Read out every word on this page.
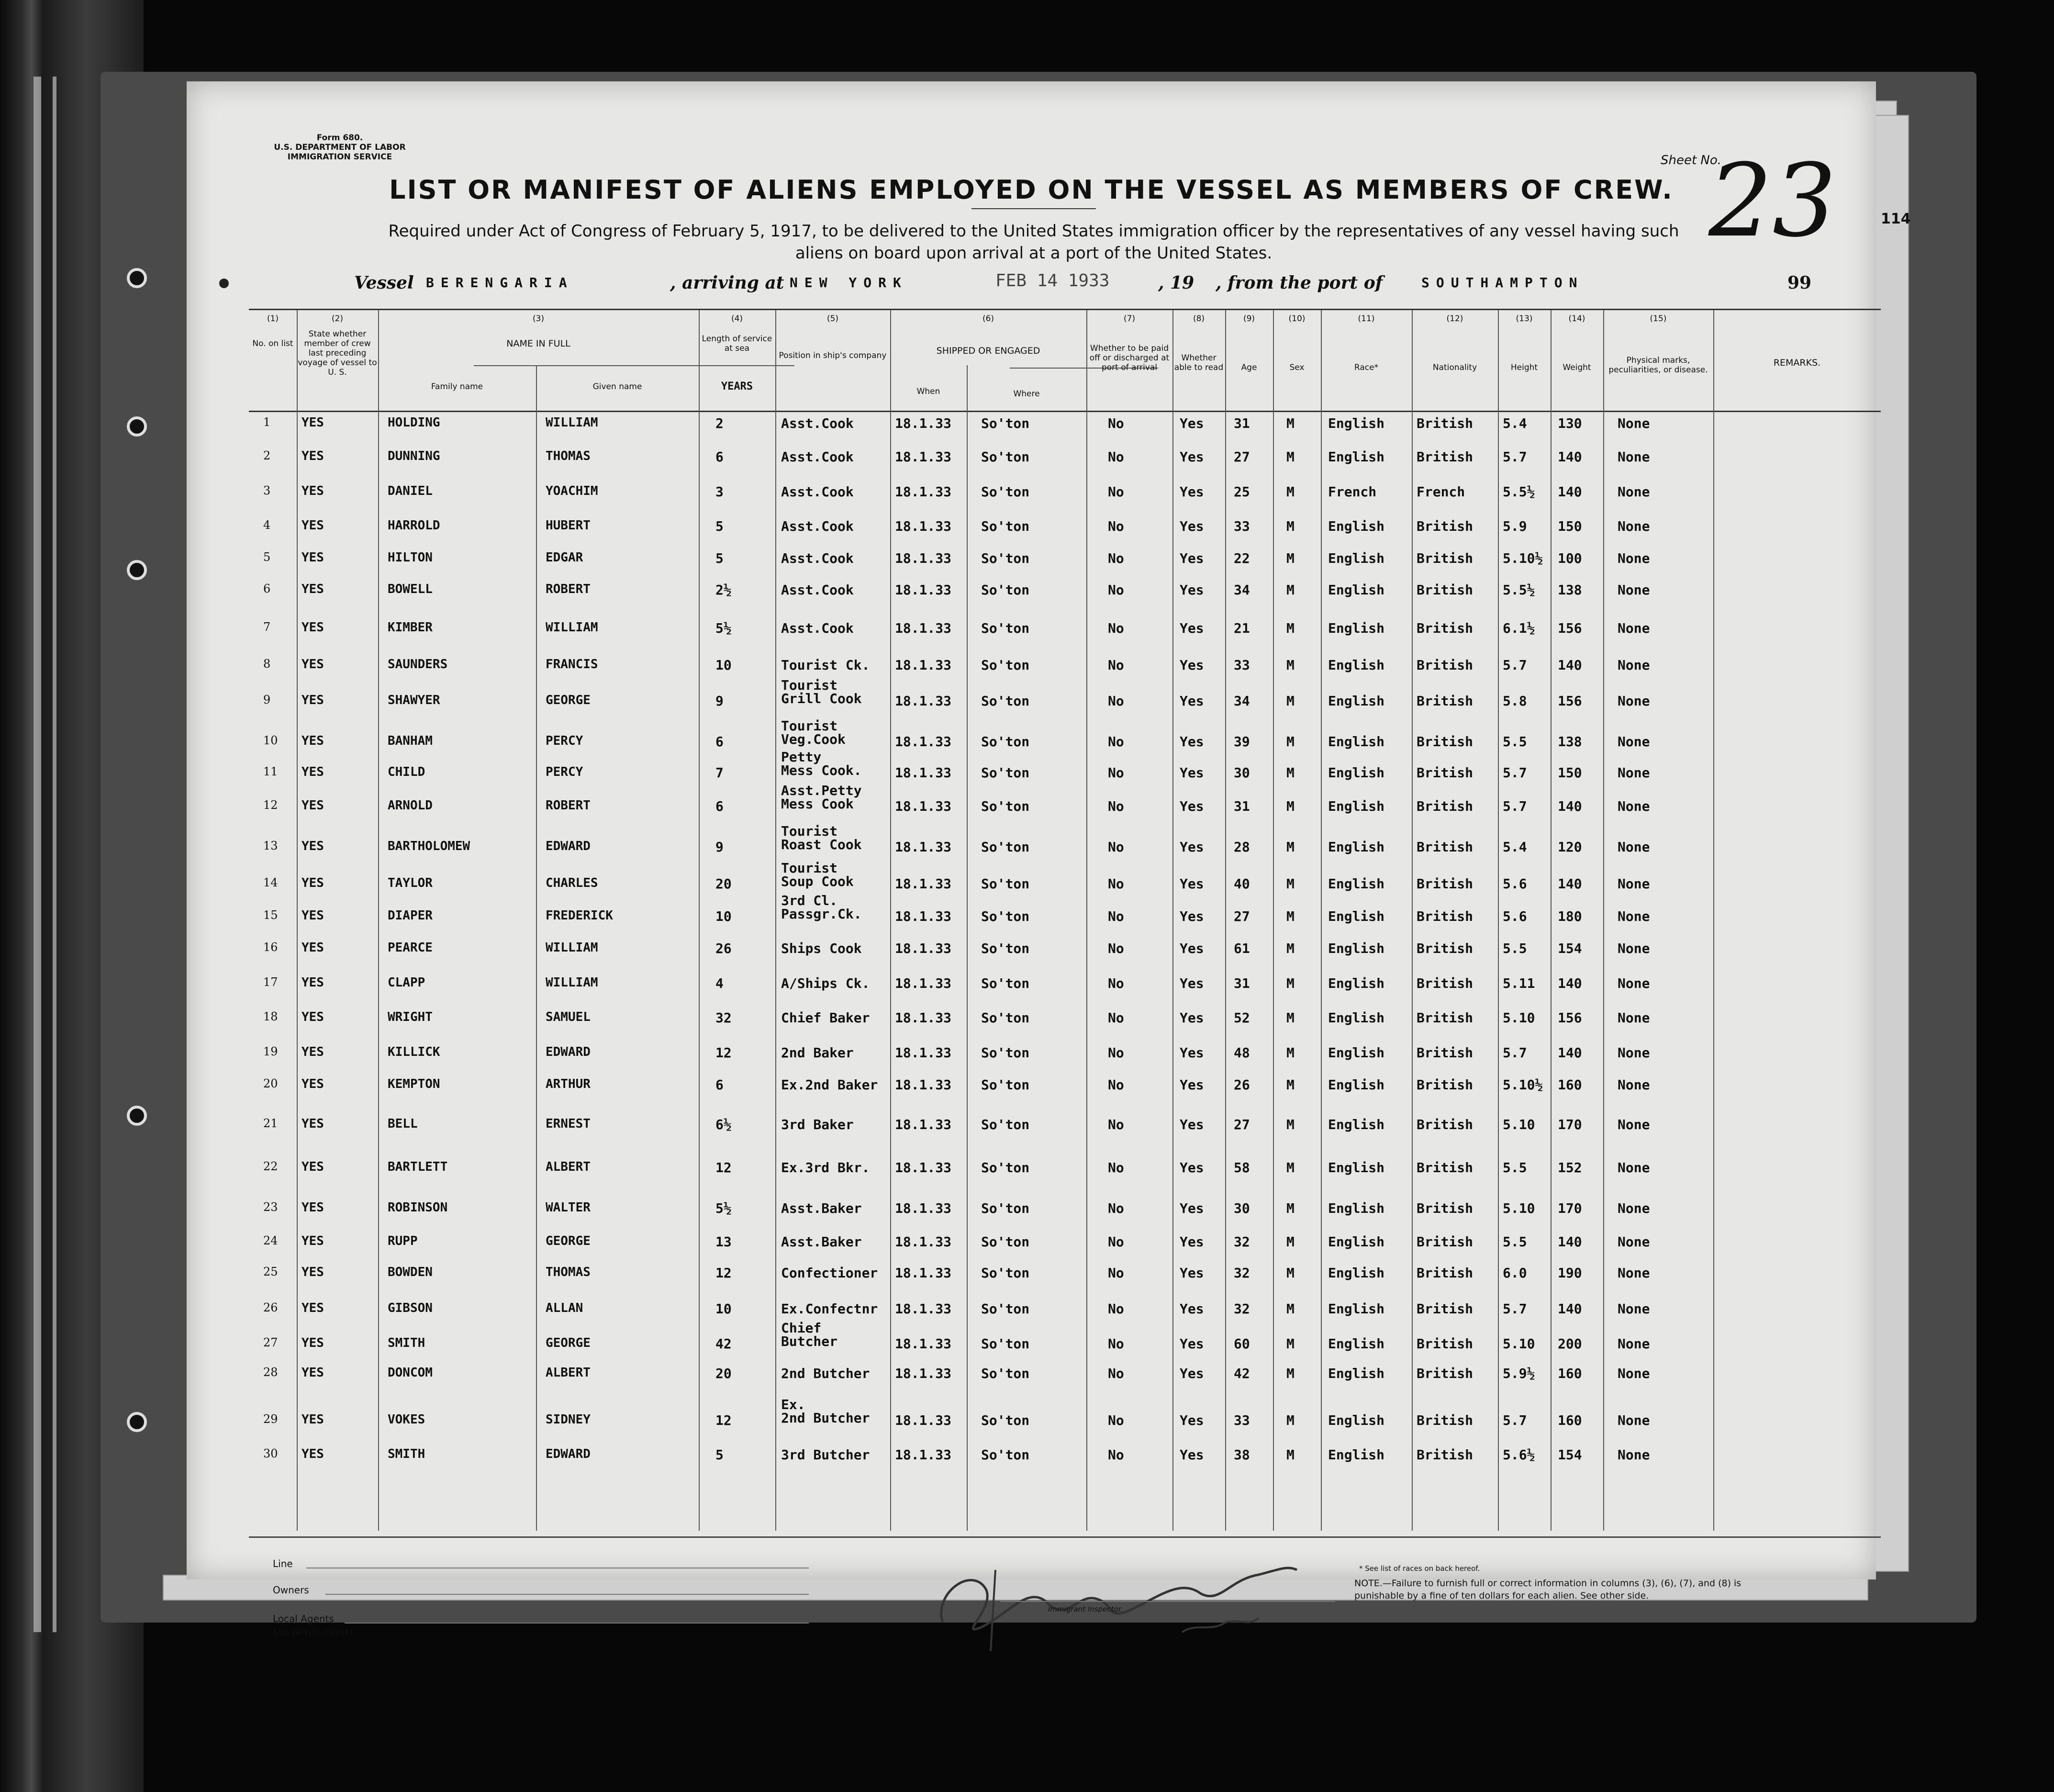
Form 680.
U.S. DEPARTMENT OF LABOR
IMMIGRATION SERVICE	Sheet No.
23	114
LIST OR MANIFEST OF ALIENS EMPLOYED ON THE VESSEL AS MEMBERS OF CREW.
Required under Act of Congress of February 5, 1917, to be delivered to the United States immigration officer by the representatives of any vessel having such
aliens on board upon arrival at a port of the United States.
Vessel BERENGARIA	, arriving at NEW YORK	FEB 14 1933	, 19 , from the port of	SOUTHAMPTON	99
(1)	(2)	(3)	(4)	(5)	(6)	(7)	(8)	(9)	(10)	(11)	(12)	(13)	(14)	(15)
No. on list
State whether member of crew last preceding voyage of vessel to U. S.
NAME IN FULL
Family name	Given name
Length of service at sea
YEARS
Position in ship's company	SHIPPED OR ENGAGED
When	Where
Whether to be paid off or discharged at port of arrival
Whether able to read	Age	Sex	Race*	Nationality	Height	Weight
Physical marks, peculiarities, or disease.
REMARKS.
1 YES	HOLDING	WILLIAM	2	Asst.Cook	18.1.33 So'ton	No	Yes 31	M	English British 5.4 130	None
2 YES	DUNNING	THOMAS	6	Asst.Cook	18.1.33 So'ton	No	Yes 27	M	English British 5.7 140	None
3 YES	DANIEL	YOACHIM	3	Asst.Cook	18.1.33 So'ton	No	Yes 25	M	French	French	5.5½ 140	None
4 YES	HARROLD	HUBERT	5	Asst.Cook	18.1.33 So'ton	No	Yes 33	M	English British 5.9 150	None
5 YES	HILTON	EDGAR	5	Asst.Cook	18.1.33 So'ton	No	Yes 22	M	English British 5.10½ 100	None
6 YES	BOWELL	ROBERT	2½	Asst.Cook	18.1.33 So'ton	No	Yes 34	M	English British 5.5½ 138	None
7 YES	KIMBER	WILLIAM	5½	Asst.Cook	18.1.33 So'ton	No	Yes 21	M	English British 6.1½ 156	None
8 YES	SAUNDERS	FRANCIS	10	Tourist Ck. 18.1.33 So'ton	No	Yes 33	M	English British 5.7 140	None
9 YES	SHAWYER	GEORGE	9
Tourist
Grill Cook 18.1.33 So'ton	No	Yes 34	M	English British 5.8 156	None
10 YES	BANHAM	PERCY	6
Tourist
Veg.Cook	18.1.33 So'ton	No	Yes 39	M	English British 5.5 138	None
11 YES	CHILD	PERCY	7
Petty
Mess Cook. 18.1.33 So'ton	No	Yes 30	M	English British 5.7 150	None
12 YES	ARNOLD	ROBERT	6
Asst.Petty
Mess Cook	18.1.33 So'ton	No	Yes 31	M	English British 5.7 140	None
13 YES	BARTHOLOMEW	EDWARD	9
Tourist
Roast Cook 18.1.33 So'ton	No	Yes 28	M	English British 5.4 120	None
14 YES	TAYLOR	CHARLES	20
Tourist
Soup Cook	18.1.33 So'ton	No	Yes 40	M	English British 5.6 140	None
15 YES	DIAPER	FREDERICK	10
3rd Cl.
Passgr.Ck. 18.1.33 So'ton	No	Yes 27	M	English British 5.6 180	None
16 YES	PEARCE	WILLIAM	26	Ships Cook 18.1.33 So'ton	No	Yes 61	M	English British 5.5 154	None
17 YES	CLAPP	WILLIAM	4	A/Ships Ck. 18.1.33 So'ton	No	Yes 31	M	English British 5.11 140	None
18 YES	WRIGHT	SAMUEL	32	Chief Baker 18.1.33 So'ton	No	Yes 52	M	English British 5.10 156	None
19 YES	KILLICK	EDWARD	12	2nd Baker	18.1.33 So'ton	No	Yes 48	M	English British 5.7 140	None
20 YES	KEMPTON	ARTHUR	6	Ex.2nd Baker 18.1.33 So'ton	No	Yes 26	M	English British 5.10½ 160	None
21 YES	BELL	ERNEST	6½	3rd Baker	18.1.33 So'ton	No	Yes 27	M	English British 5.10 170	None
22 YES	BARTLETT	ALBERT	12	Ex.3rd Bkr. 18.1.33 So'ton	No	Yes 58	M	English British 5.5 152	None
23 YES	ROBINSON	WALTER	5½	Asst.Baker 18.1.33 So'ton	No	Yes 30	M	English British 5.10 170	None
24 YES	RUPP	GEORGE	13	Asst.Baker 18.1.33 So'ton	No	Yes 32	M	English British 5.5 140	None
25 YES	BOWDEN	THOMAS	12	Confectioner 18.1.33 So'ton	No	Yes 32	M	English British 6.0 190	None
26 YES	GIBSON	ALLAN	10	Ex.Confectnr 18.1.33 So'ton	No	Yes 32	M	English British 5.7 140	None
27 YES	SMITH	GEORGE	42
Chief
Butcher	18.1.33 So'ton	No	Yes 60	M	English British 5.10 200	None
28 YES	DONCOM	ALBERT	20	2nd Butcher 18.1.33 So'ton	No	Yes 42	M	English British 5.9½ 160	None
29 YES	VOKES	SIDNEY	12
Ex.
2nd Butcher 18.1.33 So'ton	No	Yes 33	M	English British 5.7 160	None
30 YES	SMITH	EDWARD	5	3rd Butcher 18.1.33 So'ton	No	Yes 38	M	English British 5.6½ 154	None
Line
Owners
Local Agents
1/32 24/413—25/2484
Immigrant Inspector.
* See list of races on back hereof.
NOTE.—Failure to furnish full or correct information in columns (3), (6), (7), and (8) is punishable by a fine of ten dollars for each alien. See other side.
